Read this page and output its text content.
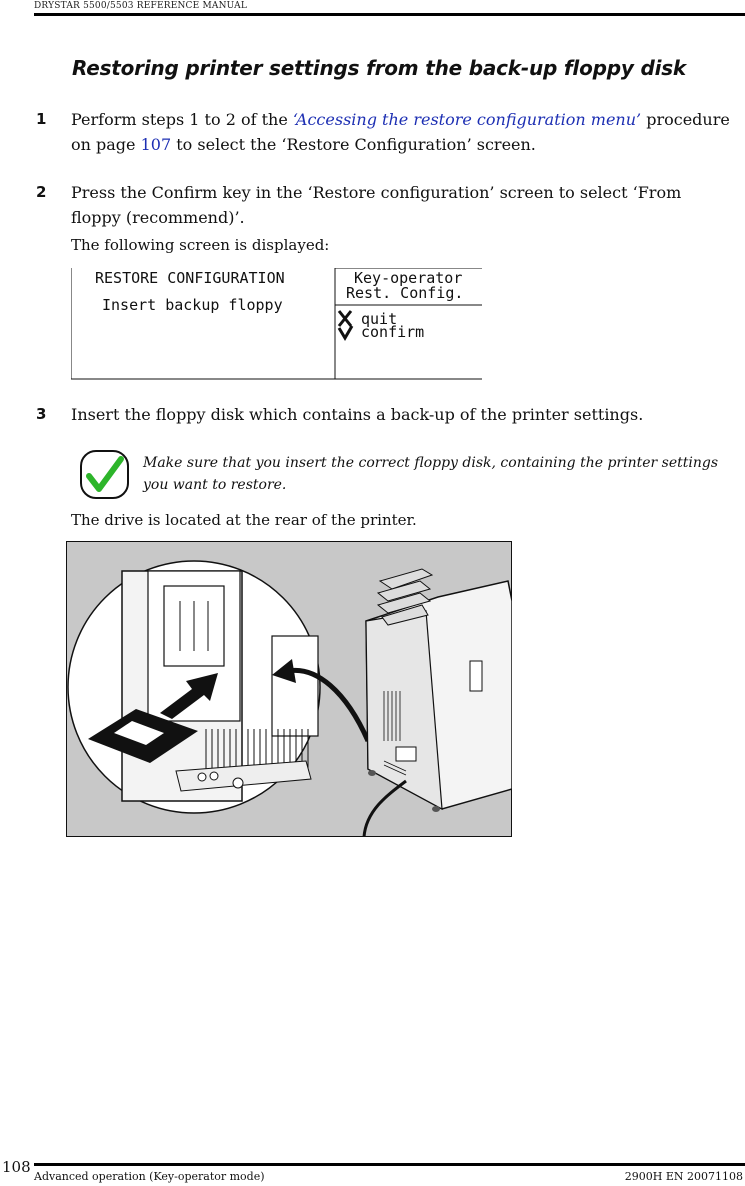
DRYSTAR 5500/5503 REFERENCE MANUAL
Restoring printer settings from the back-up floppy disk
1 Perform steps 1 to 2 of the ‘Accessing the restore configuration menu’ procedure
on page 107 to select the ‘Restore Configuration’ screen.
2 Press the Confirm key in the ‘Restore configuration’ screen to select ‘From
floppy (recommend)’.
The following screen is displayed:
RESTORE CONFIGURATION
Insert backup floppy
Key-operator
Rest. Config.
quit
confirm
3 Insert the floppy disk which contains a back-up of the printer settings.
Make sure that you insert the correct floppy disk, containing the printer settings
you want to restore.
The drive is located at the rear of the printer.
108
Advanced operation (Key-operator mode)	2900H EN 20071108
